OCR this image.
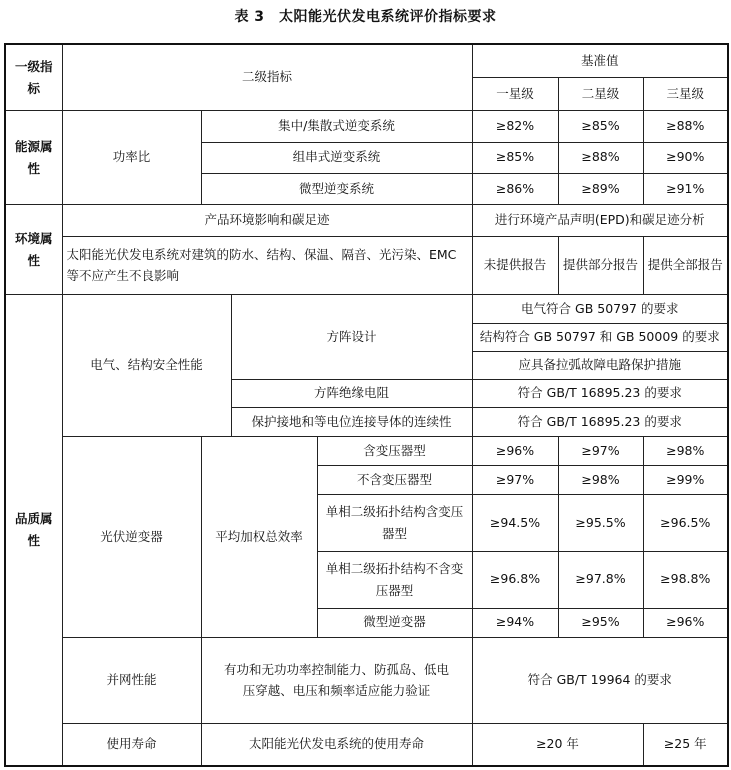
表 3　太阳能光伏发电系统评价指标要求
一级指标	二级指标				基准值		
					一星级	二星级	三星级
能源属性	功率比	集中/集散式逆变系统			≥82%	≥85%	≥88%
		组串式逆变系统			≥85%	≥88%	≥90%
		微型逆变系统			≥86%	≥89%	≥91%
环境属性	产品环境影响和碳足迹				进行环境产品声明(EPD)和碳足迹分析		
	太阳能光伏发电系统对建筑的防水、结构、保温、隔音、光污染、EMC 等不应产生不良影响				未提供报告	提供部分报告	提供全部报告
品质属性	电气、结构安全性能		方阵设计		电气符合 GB 50797 的要求		
					结构符合 GB 50797 和 GB 50009 的要求		
					应具备拉弧故障电路保护措施		
			方阵绝缘电阻		符合 GB/T 16895.23 的要求		
			保护接地和等电位连接导体的连续性		符合 GB/T 16895.23 的要求		
	光伏逆变器	平均加权总效率		含变压器型	≥96%	≥97%	≥98%
				不含变压器型	≥97%	≥98%	≥99%
				单相二级拓扑结构含变压器型	≥94.5%	≥95.5%	≥96.5%
				单相二级拓扑结构不含变压器型	≥96.8%	≥97.8%	≥98.8%
				微型逆变器	≥94%	≥95%	≥96%
	并网性能	有功和无功功率控制能力、防孤岛、低电压穿越、电压和频率适应能力验证			符合 GB/T 19964 的要求		
	使用寿命	太阳能光伏发电系统的使用寿命			≥20 年		≥25 年
